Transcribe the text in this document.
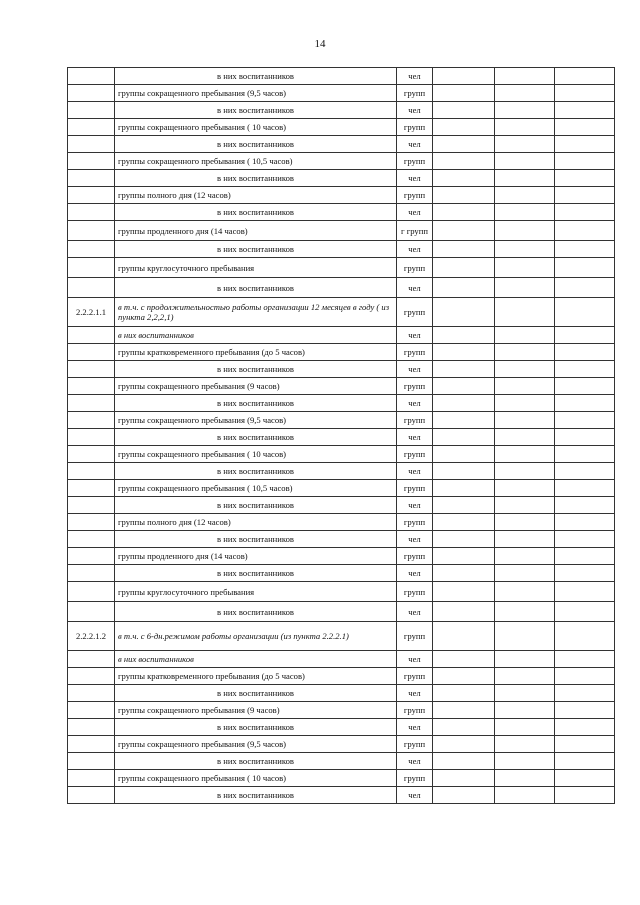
14
	в них воспитанников	чел			
	группы сокращенного пребывания (9,5 часов)	групп			
	в них воспитанников	чел			
	группы сокращенного пребывания ( 10 часов)	групп			
	в них воспитанников	чел			
	группы сокращенного пребывания ( 10,5 часов)	групп			
	в них воспитанников	чел			
	группы полного дня (12 часов)	групп			
	в них воспитанников	чел			
	группы продленного дня (14 часов)	г групп			
	в них воспитанников	чел			
	группы круглосуточного пребывания	групп			
	в них воспитанников	чел			
2.2.2.1.1	в т.ч. с продолжительностью работы организации 12 месяцев в году ( из пункта 2,2,2,1)	групп			
	в них воспитанников	чел			
	группы кратковременного пребывания (до 5 часов)	групп			
	в них воспитанников	чел			
	группы сокращенного пребывания (9 часов)	групп			
	в них воспитанников	чел			
	группы сокращенного пребывания (9,5 часов)	групп			
	в них воспитанников	чел			
	группы сокращенного пребывания ( 10 часов)	групп			
	в них воспитанников	чел			
	группы сокращенного пребывания ( 10,5 часов)	групп			
	в них воспитанников	чел			
	группы полного дня (12 часов)	групп			
	в них воспитанников	чел			
	группы продленного дня (14 часов)	групп			
	в них воспитанников	чел			
	группы круглосуточного пребывания	групп			
	в них воспитанников	чел			
2.2.2.1.2	в т.ч. с 6-дн.режимом работы организации (из пункта 2.2.2.1)	групп			
	в них воспитанников	чел			
	группы кратковременного пребывания (до 5 часов)	групп			
	в них воспитанников	чел			
	группы сокращенного пребывания (9 часов)	групп			
	в них воспитанников	чел			
	группы сокращенного пребывания (9,5 часов)	групп			
	в них воспитанников	чел			
	группы сокращенного пребывания ( 10 часов)	групп			
	в них воспитанников	чел			
